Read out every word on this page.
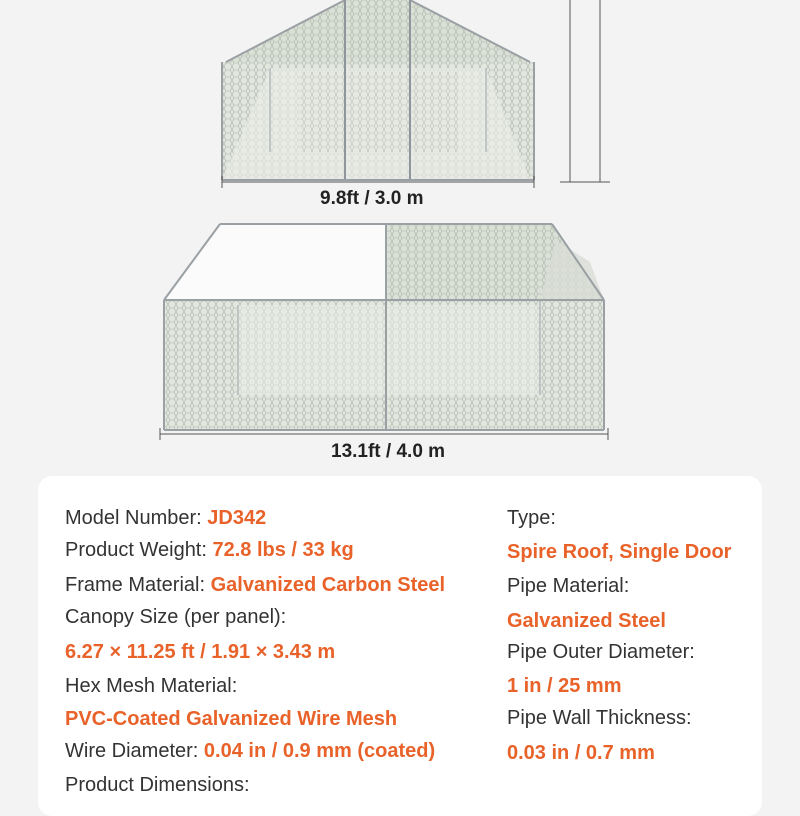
9.8ft / 3.0 m
13.1ft / 4.0 m
Model Number: JD342
Product Weight: 72.8 lbs / 33 kg
Frame Material: Galvanized Carbon Steel
Canopy Size (per panel):
6.27 × 11.25 ft / 1.91 × 3.43 m
Hex Mesh Material:
PVC-Coated Galvanized Wire Mesh
Wire Diameter: 0.04 in / 0.9 mm (coated)
Product Dimensions:
Type:
Spire Roof, Single Door
Pipe Material:
Galvanized Steel
Pipe Outer Diameter:
1 in / 25 mm
Pipe Wall Thickness:
0.03 in / 0.7 mm
